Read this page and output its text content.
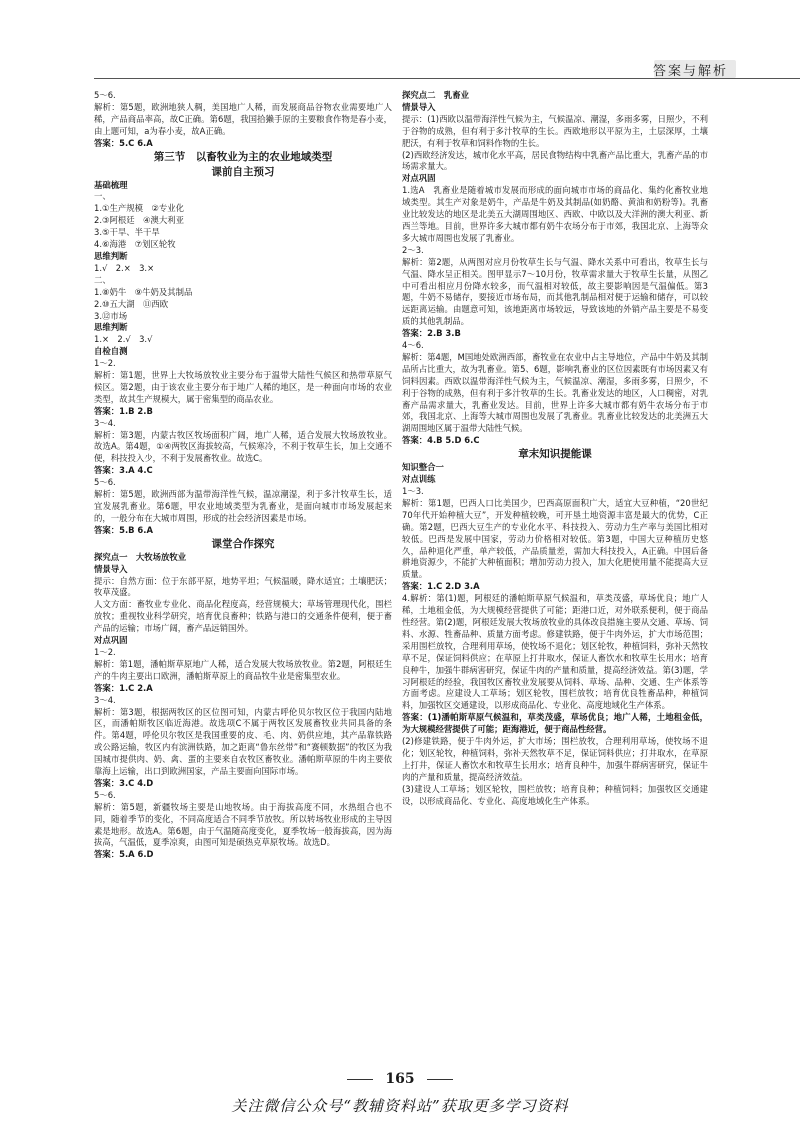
答案与解析

5～6.

解析：第5题，欧洲地狭人稠，美国地广人稀，而发展商品谷物农业需要地广人稀，产品商品率高，故C正确。第6题，我国拾獭手原的主要粮食作物是春小麦，由上题可知，a为春小麦，故A正确。

答案：5.C 6.A

第三节　以畜牧业为主的农业地域类型

课前自主预习

基础梳理

一、

1.①生产规模　②专业化

2.③阿根廷　④澳大利亚

3.⑤干旱、半干旱

4.⑥海港　⑦划区轮牧

思维判断

1.√　2.×　3.×

二、

1.⑧奶牛　⑨牛奶及其制品

2.⑩五大湖　⑪西欧

3.⑫市场

思维判断

1.×　2.√　3.√

自检自测

1～2.

解析：第1题，世界上大牧场放牧业主要分布于温带大陆性气候区和热带草原气候区。第2题，由于该农业主要分布于地广人稀的地区，是一种面向市场的农业类型，故其生产规模大，属于密集型的商品农业。

答案：1.B 2.B

3～4.

解析：第3题，内蒙古牧区牧场面积广阔，地广人稀，适合发展大牧场放牧业。故选A。第4题，①④两牧区海拔较高，气候寒冷，不利于牧草生长，加上交通不便，科技投入少，不利于发展畜牧业。故选C。

答案：3.A 4.C

5～6.

解析：第5题，欧洲西部为温带海洋性气候，温凉潮湿，利于多汁牧草生长，适宜发展乳畜业。第6题，甲农业地域类型为乳畜业，是面向城市市场发展起来的，一般分布在大城市周围，形成的社会经济因素是市场。

答案：5.B 6.A

课堂合作探究

探究点一　大牧场放牧业

情景导入

提示：自然方面：位于东部平原，地势平坦；气候温暖，降水适宜；土壤肥沃；牧草茂盛。

人文方面：畜牧业专业化、商品化程度高，经营规模大；草场管理现代化，围栏放牧；重视牧业科学研究，培育优良畜种；铁路与港口的交通条件便利，便于畜产品的运输；市场广阔，畜产品远销国外。

对点巩固

1～2.

解析：第1题，潘帕斯草原地广人稀，适合发展大牧场放牧业。第2题，阿根廷生产的牛肉主要出口欧洲，潘帕斯草原上的商品牧牛业是密集型农业。

答案：1.C 2.A

3～4.

解析：第3题，根据两牧区的区位图可知，内蒙古呼伦贝尔牧区位于我国内陆地区，而潘帕斯牧区临近海港。故选项C不属于两牧区发展畜牧业共同具备的条件。第4题，呼伦贝尔牧区是我国重要的皮、毛、肉、奶供应地，其产品靠铁路或公路运输，牧区内有滨洲铁路，加之距离“鲁东丝带”和“赛顿数据”的牧区为我国城市提供肉、奶、禽、蛋的主要来自农牧区畜牧业。潘帕斯草原的牛肉主要依靠海上运输，出口到欧洲国家，产品主要面向国际市场。

答案：3.C 4.D

5～6.

解析：第5题，新疆牧场主要是山地牧场。由于海拔高度不同，水热组合也不同，随着季节的变化，不同高度适合不同季节放牧。所以转场牧业形成的主导因素是地形。故选A。第6题，由于气温随高度变化，夏季牧场一般海拔高，因为海拔高，气温低，夏季凉爽，由图可知是硕热克草原牧场。故选D。

答案：5.A 6.D

探究点二　乳畜业

情景导入

提示：(1)西欧以温带海洋性气候为主，气候温凉、潮湿，多雨多雾，日照少，不利于谷物的成熟，但有利于多汁牧草的生长。西欧地形以平原为主，土层深厚，土壤肥沃，有利于牧草和饲料作物的生长。

(2)西欧经济发达，城市化水平高，居民食物结构中乳畜产品比重大，乳畜产品的市场需求量大。

对点巩固

1.选A　乳畜业是随着城市发展而形成的面向城市市场的商品化、集约化畜牧业地域类型。其生产对象是奶牛，产品是牛奶及其制品(如奶酪、黄油和奶粉等)。乳畜业比较发达的地区是北美五大湖周围地区、西欧、中欧以及大洋洲的澳大利亚、新西兰等地。目前，世界许多大城市都有奶牛农场分布于市郊，我国北京、上海等众多大城市周围也发展了乳畜业。

2～3.

解析：第2题，从两图对应月份牧草生长与气温、降水关系中可看出，牧草生长与气温、降水呈正相关。图甲显示7～10月份，牧草需求量大于牧草生长量，从图乙中可看出相应月份降水较多，而气温相对较低，故主要影响因是气温偏低。第3题，牛奶不易储存，要接近市场布局，而其他乳制品相对便于运输和储存，可以较远距离运输。由题意可知，该地距离市场较远，导致该地的外销产品主要是不易变质的其他乳制品。

答案：2.B 3.B

4～6.

解析：第4题，M国地处欧洲西部，畜牧业在农业中占主导地位，产品中牛奶及其制品所占比重大，故为乳畜业。第5、6题，影响乳畜业的区位因素既有市场因素又有饲料因素。西欧以温带海洋性气候为主，气候温凉、潮湿，多雨多雾，日照少，不利于谷物的成熟，但有利于多汁牧草的生长。乳畜业发达的地区，人口稠密，对乳畜产品需求量大，乳畜业发达。目前，世界上许多大城市都有奶牛农场分布于市郊，我国北京、上海等大城市周围也发展了乳畜业。乳畜业比较发达的北美洲五大湖周围地区属于温带大陆性气候。

答案：4.B 5.D 6.C

章末知识提能课

知识整合一

对点训练

1～3.

解析：第1题，巴西人口比美国少，巴西高原面积广大，适宜大豆种植，“20世纪70年代开始种植大豆”，开发种植较晚，可开垦土地资源丰富是最大的优势，C正确。第2题，巴西大豆生产的专业化水平、科技投入、劳动力生产率与美国比相对较低。巴西是发展中国家，劳动力价格相对较低。第3题，中国大豆种植历史悠久，品种退化严重，单产较低，产品质量差，需加大科技投入，A正确。中国后备耕地资源少，不能扩大种植面积；增加劳动力投入，加大化肥使用量不能提高大豆质量。

答案：1.C 2.D 3.A

4.解析：第(1)题，阿根廷的潘帕斯草原气候温和，草类茂盛，草场优良；地广人稀，土地租金低，为大规模经营提供了可能；距港口近，对外联系便利，便于商品性经营。第(2)题，阿根廷发展大牧场放牧业的具体改良措施主要从交通、草场、饲料、水源、牲畜品种、质量方面考虑。修建铁路，便于牛肉外运，扩大市场范围；采用围栏放牧，合理利用草场，使牧场不退化；划区轮牧，种植饲料，弥补天然牧草不足，保证饲料供应；在草原上打井取水，保证人畜饮水和牧草生长用水；培育良种牛，加强牛群病害研究，保证牛肉的产量和质量，提高经济效益。第(3)题，学习阿根廷的经验，我国牧区畜牧业发展要从饲料、草场、品种、交通、生产体系等方面考虑。应建设人工草场；划区轮牧，围栏放牧；培育优良牲畜品种，种植饲料，加强牧区交通建设，以形成商品化、专业化、高度地域化生产体系。

答案：(1)潘帕斯草原气候温和，草类茂盛，草场优良；地广人稀，土地租金低，为大规模经营提供了可能；距海港近，便于商品性经营。

(2)修建铁路，便于牛肉外运，扩大市场；围栏放牧，合理利用草场，使牧场不退化；划区轮牧，种植饲料，弥补天然牧草不足，保证饲料供应；打井取水，在草原上打井，保证人畜饮水和牧草生长用水；培育良种牛，加强牛群病害研究，保证牛肉的产量和质量，提高经济效益。

(3)建设人工草场；划区轮牧，围栏放牧；培育良种；种植饲料；加强牧区交通建设，以形成商品化、专业化、高度地域化生产体系。

165
关注微信公众号“教辅资料站”获取更多学习资料
